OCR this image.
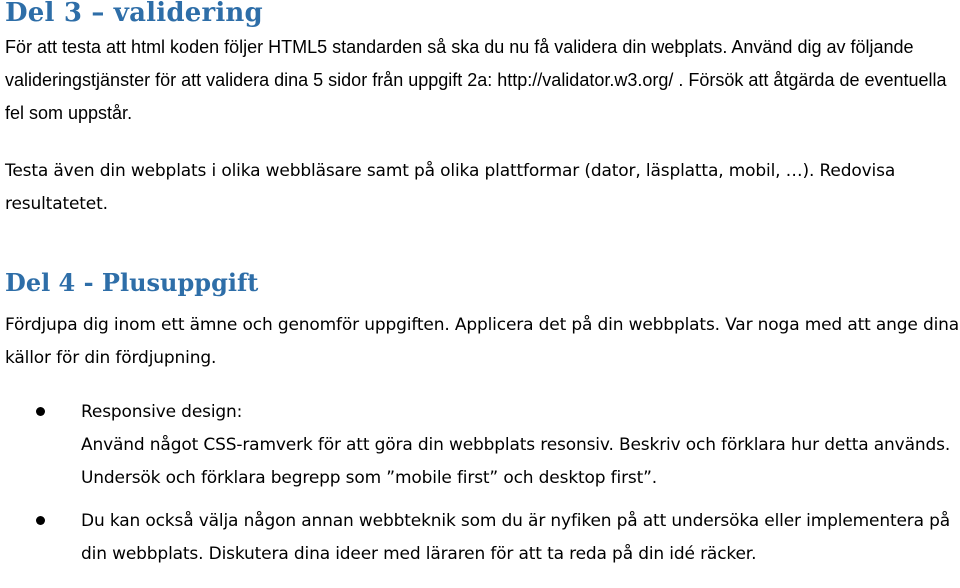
Del 3 – validering

För att testa att html koden följer HTML5 standarden så ska du nu få validera din webplats. Använd dig av följande valideringstjänster för att validera dina 5 sidor från uppgift 2a: http://validator.w3.org/ . Försök att åtgärda de eventuella fel som uppstår.

Testa även din webplats i olika webbläsare samt på olika plattformar (dator, läsplatta, mobil, …). Redovisa resultatetet.

Del 4 - Plusuppgift

Fördjupa dig inom ett ämne och genomför uppgiften. Applicera det på din webbplats. Var noga med att ange dina källor för din fördjupning.

Responsive design:
Använd något CSS-ramverk för att göra din webbplats resonsiv. Beskriv och förklara hur detta används. Undersök och förklara begrepp som ”mobile first” och desktop first”.
Du kan också välja någon annan webbteknik som du är nyfiken på att undersöka eller implementera på din webbplats. Diskutera dina ideer med läraren för att ta reda på din idé räcker.
